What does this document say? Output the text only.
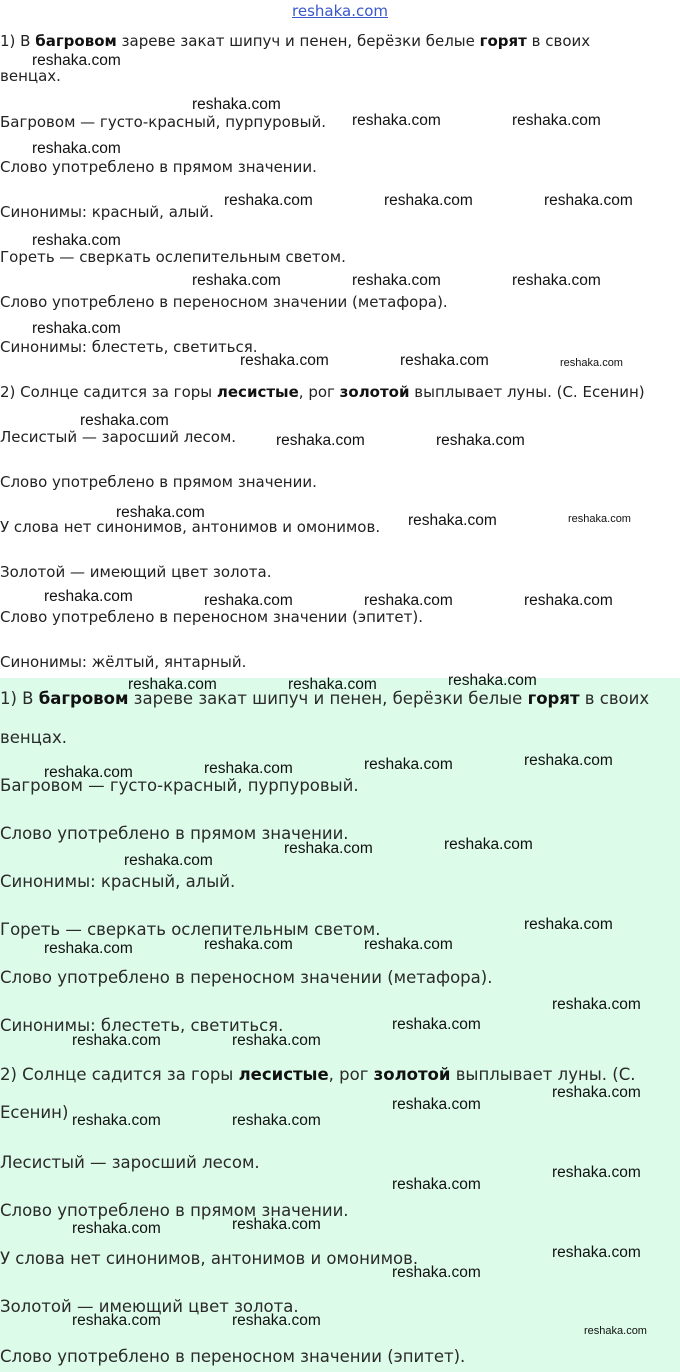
reshaka.com

1) В багровом зареве закат шипуч и пенен, берёзки белые горят в своих

венцах.

Багровом — густо-красный, пурпуровый.

Слово употреблено в прямом значении.

Синонимы: красный, алый.

Гореть — сверкать ослепительным светом.

Слово употреблено в переносном значении (метафора).

Синонимы: блестеть, светиться.

2) Солнце садится за горы лесистые, рог золотой выплывает луны. (С. Есенин)

Лесистый — заросший лесом.

Слово употреблено в прямом значении.

У слова нет синонимов, антонимов и омонимов.

Золотой — имеющий цвет золота.

Слово употреблено в переносном значении (эпитет).

Синонимы: жёлтый, янтарный.

1) В багровом зареве закат шипуч и пенен, берёзки белые горят в своих

венцах.

Багровом — густо-красный, пурпуровый.

Слово употреблено в прямом значении.

Синонимы: красный, алый.

Гореть — сверкать ослепительным светом.

Слово употреблено в переносном значении (метафора).

Синонимы: блестеть, светиться.

2) Солнце садится за горы лесистые, рог золотой выплывает луны. (С.

Есенин)

Лесистый — заросший лесом.

Слово употреблено в прямом значении.

У слова нет синонимов, антонимов и омонимов.

Золотой — имеющий цвет золота.

Слово употреблено в переносном значении (эпитет).

reshaka.com
reshaka.com
reshaka.com	reshaka.com
reshaka.com
reshaka.com	reshaka.com	reshaka.com
reshaka.com
reshaka.com	reshaka.com	reshaka.com
reshaka.com
reshaka.com	reshaka.com	reshaka.com
reshaka.com
reshaka.com	reshaka.com
reshaka.com	reshaka.com	reshaka.com
reshaka.com	reshaka.com	reshaka.com	reshaka.com
reshaka.com
reshaka.com	reshaka.com
reshaka.com
reshaka.com
reshaka.com
reshaka.com
reshaka.com
reshaka.com
reshaka.com
reshaka.com
reshaka.com	reshaka.com
reshaka.com
reshaka.com
reshaka.com
reshaka.com	reshaka.com
reshaka.com
reshaka.com
reshaka.com	reshaka.com
reshaka.com
reshaka.com
reshaka.com
reshaka.com
reshaka.com
reshaka.com
reshaka.com	reshaka.com
reshaka.com
